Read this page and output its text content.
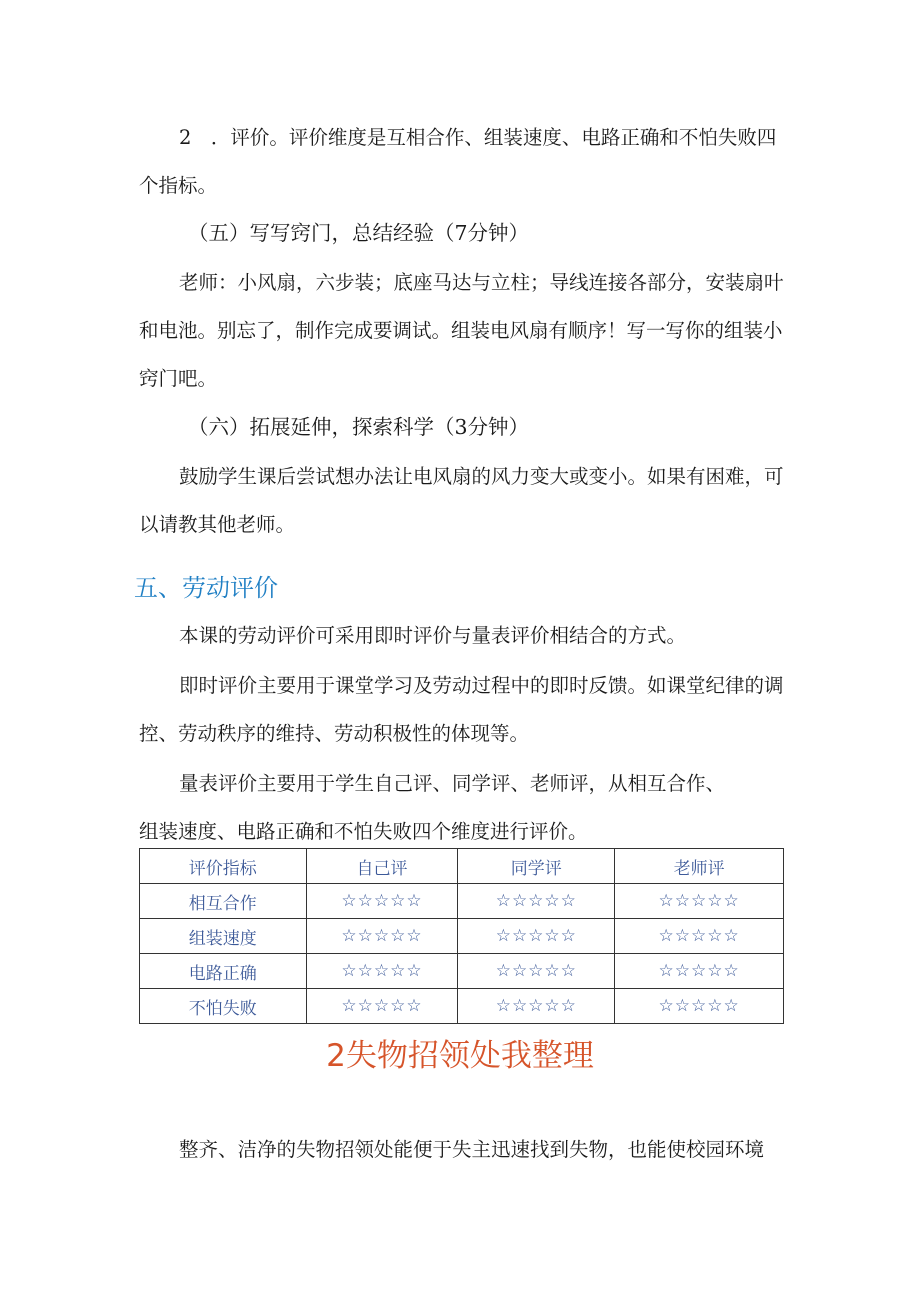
2　．评价。评价维度是互相合作、组装速度、电路正确和不怕失败四个指标。

（五）写写窍门，总结经验（7分钟）

老师：小风扇，六步装；底座马达与立柱；导线连接各部分，安装扇叶和电池。别忘了，制作完成要调试。组装电风扇有顺序！写一写你的组装小窍门吧。

（六）拓展延伸，探索科学（3分钟）

鼓励学生课后尝试想办法让电风扇的风力变大或变小。如果有困难，可以请教其他老师。

五、劳动评价

本课的劳动评价可采用即时评价与量表评价相结合的方式。

即时评价主要用于课堂学习及劳动过程中的即时反馈。如课堂纪律的调控、劳动秩序的维持、劳动积极性的体现等。

量表评价主要用于学生自己评、同学评、老师评，从相互合作、

组装速度、电路正确和不怕失败四个维度进行评价。

评价指标	自己评	同学评	老师评
相互合作	☆☆☆☆☆	☆☆☆☆☆	☆☆☆☆☆
组装速度	☆☆☆☆☆	☆☆☆☆☆	☆☆☆☆☆
电路正确	☆☆☆☆☆	☆☆☆☆☆	☆☆☆☆☆
不怕失败	☆☆☆☆☆	☆☆☆☆☆	☆☆☆☆☆
2失物招领处我整理

整齐、洁净的失物招领处能便于失主迅速找到失物，也能使校园环境
